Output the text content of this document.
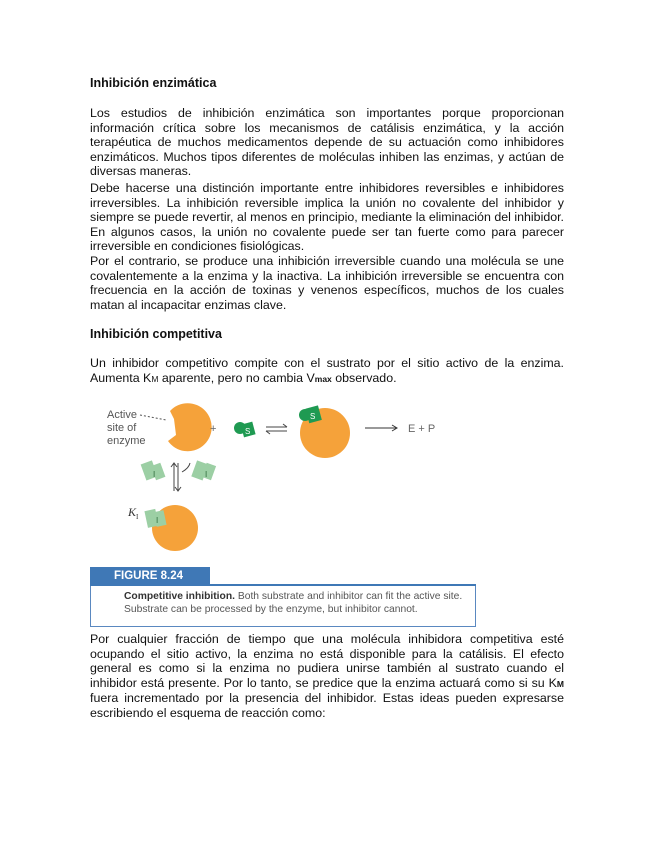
Inhibición enzimática

Los estudios de inhibición enzimática son importantes porque proporcionan información crítica sobre los mecanismos de catálisis enzimática, y la acción terapéutica de muchos medicamentos depende de su actuación como inhibidores enzimáticos. Muchos tipos diferentes de moléculas inhiben las enzimas, y actúan de diversas maneras.

Debe hacerse una distinción importante entre inhibidores reversibles e inhibidores irreversibles. La inhibición reversible implica la unión no covalente del inhibidor y siempre se puede revertir, al menos en principio, mediante la eliminación del inhibidor. En algunos casos, la unión no covalente puede ser tan fuerte como para parecer irreversible en condiciones fisiológicas.

Por el contrario, se produce una inhibición irreversible cuando una molécula se une covalentemente a la enzima y la inactiva. La inhibición irreversible se encuentra con frecuencia en la acción de toxinas y venenos específicos, muchos de los cuales matan al incapacitar enzimas clave.

Inhibición competitiva

Un inhibidor competitivo compite con el sustrato por el sitio activo de la enzima. Aumenta KM aparente, pero no cambia Vmax observado.

Active
site of
enzyme
+	S
S
E + P
I	I
K I I
FIGURE 8.24
Competitive inhibition. Both substrate and inhibitor can fit the active site. Substrate can be processed by the enzyme, but inhibitor cannot.

Por cualquier fracción de tiempo que una molécula inhibidora competitiva esté ocupando el sitio activo, la enzima no está disponible para la catálisis. El efecto general es como si la enzima no pudiera unirse también al sustrato cuando el inhibidor está presente. Por lo tanto, se predice que la enzima actuará como si su KM fuera incrementado por la presencia del inhibidor. Estas ideas pueden expresarse escribiendo el esquema de reacción como:
